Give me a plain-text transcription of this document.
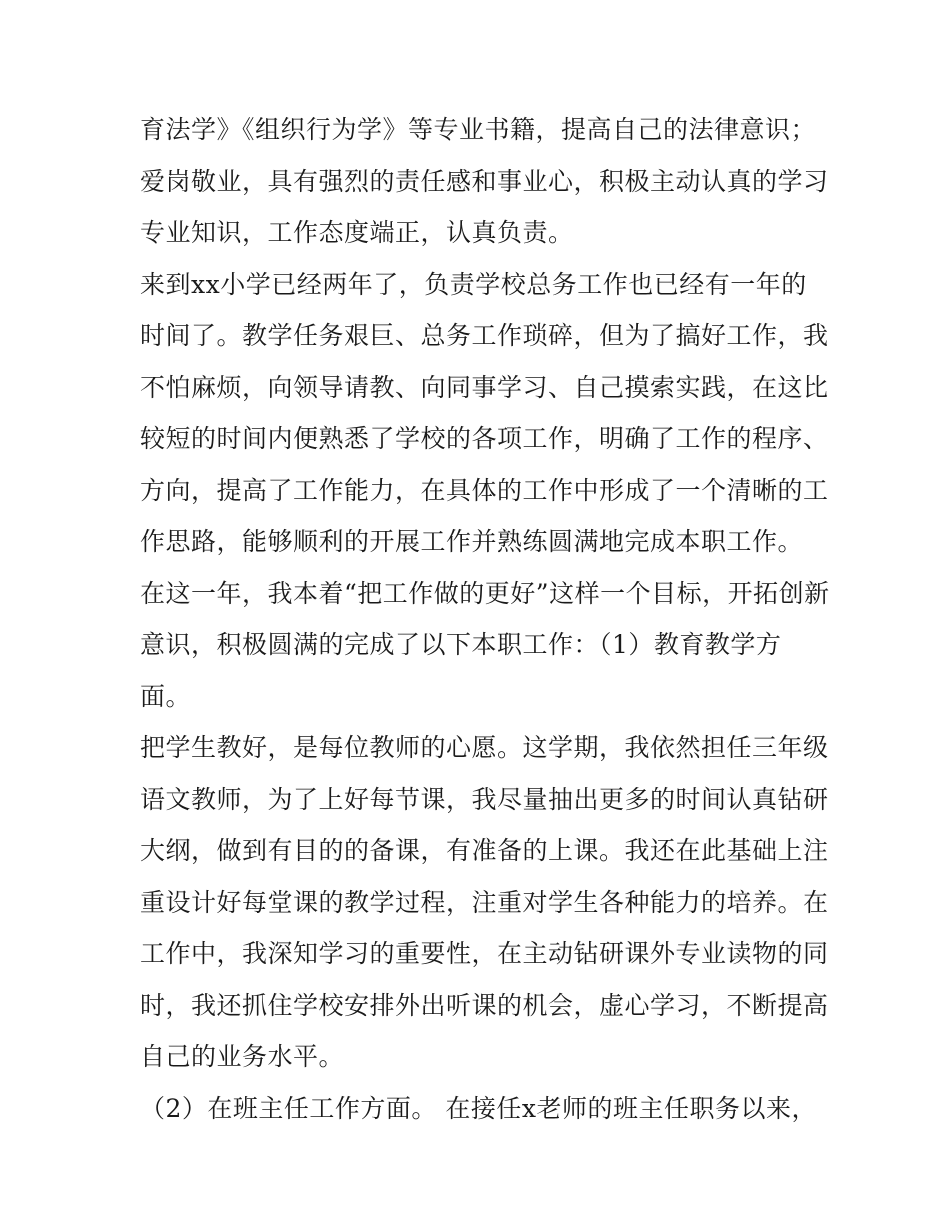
育法学》《组织行为学》等专业书籍，提高自己的法律意识；
爱岗敬业，具有强烈的责任感和事业心，积极主动认真的学习
专业知识，工作态度端正，认真负责。
来到xx小学已经两年了，负责学校总务工作也已经有一年的
时间了。教学任务艰巨、总务工作琐碎，但为了搞好工作，我
不怕麻烦，向领导请教、向同事学习、自己摸索实践，在这比
较短的时间内便熟悉了学校的各项工作，明确了工作的程序、
方向，提高了工作能力，在具体的工作中形成了一个清晰的工
作思路，能够顺利的开展工作并熟练圆满地完成本职工作。
在这一年，我本着“把工作做的更好”这样一个目标，开拓创新
意识，积极圆满的完成了以下本职工作：（1）教育教学方
面。
把学生教好，是每位教师的心愿。这学期，我依然担任三年级
语文教师，为了上好每节课，我尽量抽出更多的时间认真钻研
大纲，做到有目的的备课，有准备的上课。我还在此基础上注
重设计好每堂课的教学过程，注重对学生各种能力的培养。在
工作中，我深知学习的重要性，在主动钻研课外专业读物的同
时，我还抓住学校安排外出听课的机会，虚心学习，不断提高
自己的业务水平。
（2）在班主任工作方面。 在接任x老师的班主任职务以来，
